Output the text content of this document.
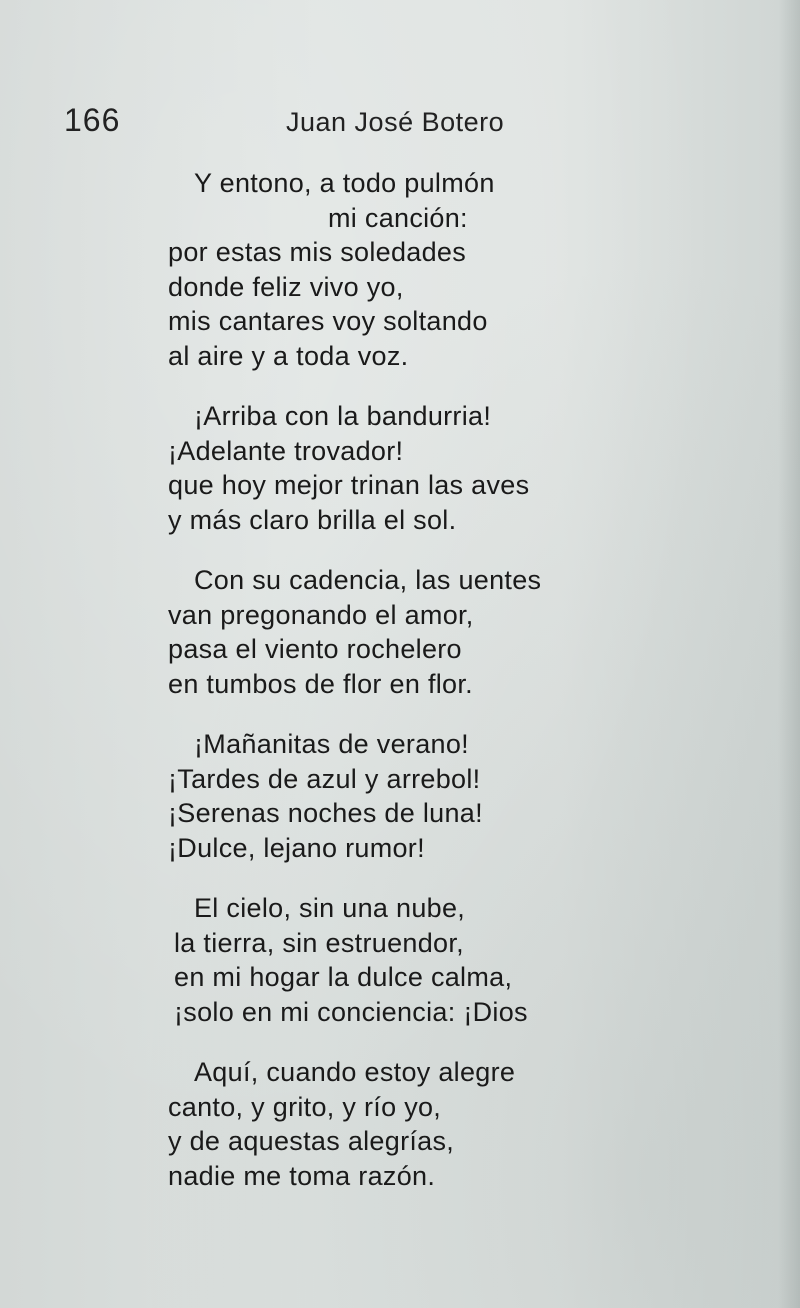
166	Juan José Botero
Y entono, a todo pulmón
mi canción:
por estas mis soledades
donde feliz vivo yo,
mis cantares voy soltando
al aire y a toda voz.
¡Arriba con la bandurria!
¡Adelante trovador!
que hoy mejor trinan las aves
y más claro brilla el sol.
Con su cadencia, las uentes
van pregonando el amor,
pasa el viento rochelero
en tumbos de flor en flor.
¡Mañanitas de verano!
¡Tardes de azul y arrebol!
¡Serenas noches de luna!
¡Dulce, lejano rumor!
El cielo, sin una nube,
la tierra, sin estruendor,
en mi hogar la dulce calma,
¡solo en mi conciencia: ¡Dios
Aquí, cuando estoy alegre
canto, y grito, y río yo,
y de aquestas alegrías,
nadie me toma razón.
